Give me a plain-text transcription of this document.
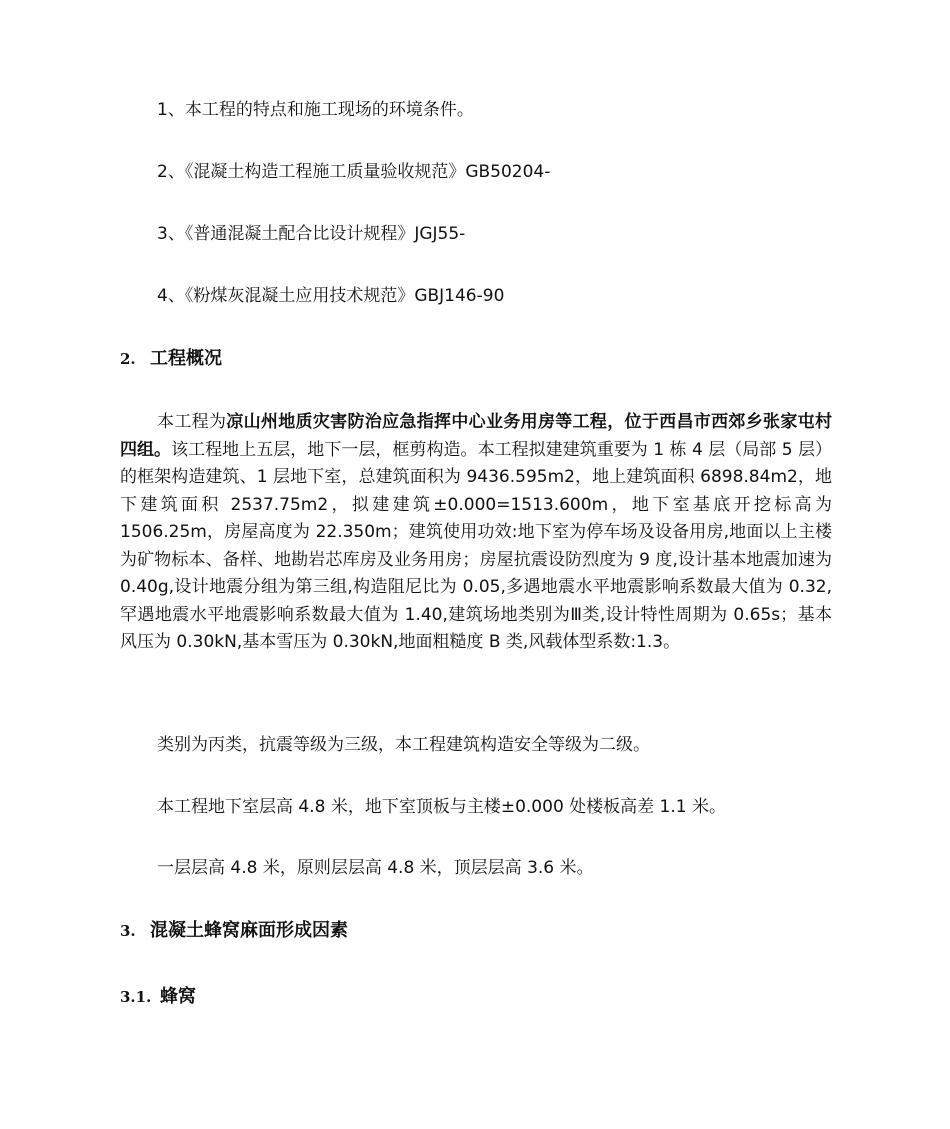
1、本工程的特点和施工现场的环境条件。
2、《混凝土构造工程施工质量验收规范》GB50204-
3、《普通混凝土配合比设计规程》JGJ55-
4、《粉煤灰混凝土应用技术规范》GBJ146-90
2. 工程概况
本工程为凉山州地质灾害防治应急指挥中心业务用房等工程，位于西昌市西郊乡张家屯村四组。该工程地上五层，地下一层，框剪构造。本工程拟建建筑重要为 1 栋 4 层（局部 5 层）的框架构造建筑、1 层地下室，总建筑面积为 9436.595m2，地上建筑面积 6898.84m2，地下建筑面积 2537.75m2，拟建建筑±0.000=1513.600m，地下室基底开挖标高为 1506.25m，房屋高度为 22.350m；建筑使用功效:地下室为停车场及设备用房,地面以上主楼为矿物标本、备样、地勘岩芯库房及业务用房；房屋抗震设防烈度为 9 度,设计基本地震加速为 0.40g,设计地震分组为第三组,构造阻尼比为 0.05,多遇地震水平地震影响系数最大值为 0.32,罕遇地震水平地震影响系数最大值为 1.40,建筑场地类别为Ⅲ类,设计特性周期为 0.65s；基本风压为 0.30kN,基本雪压为 0.30kN,地面粗糙度 B 类,风载体型系数:1.3。
类别为丙类，抗震等级为三级，本工程建筑构造安全等级为二级。
本工程地下室层高 4.8 米，地下室顶板与主楼±0.000 处楼板高差 1.1 米。
一层层高 4.8 米，原则层层高 4.8 米，顶层层高 3.6 米。
3. 混凝土蜂窝麻面形成因素
3.1. 蜂窝
